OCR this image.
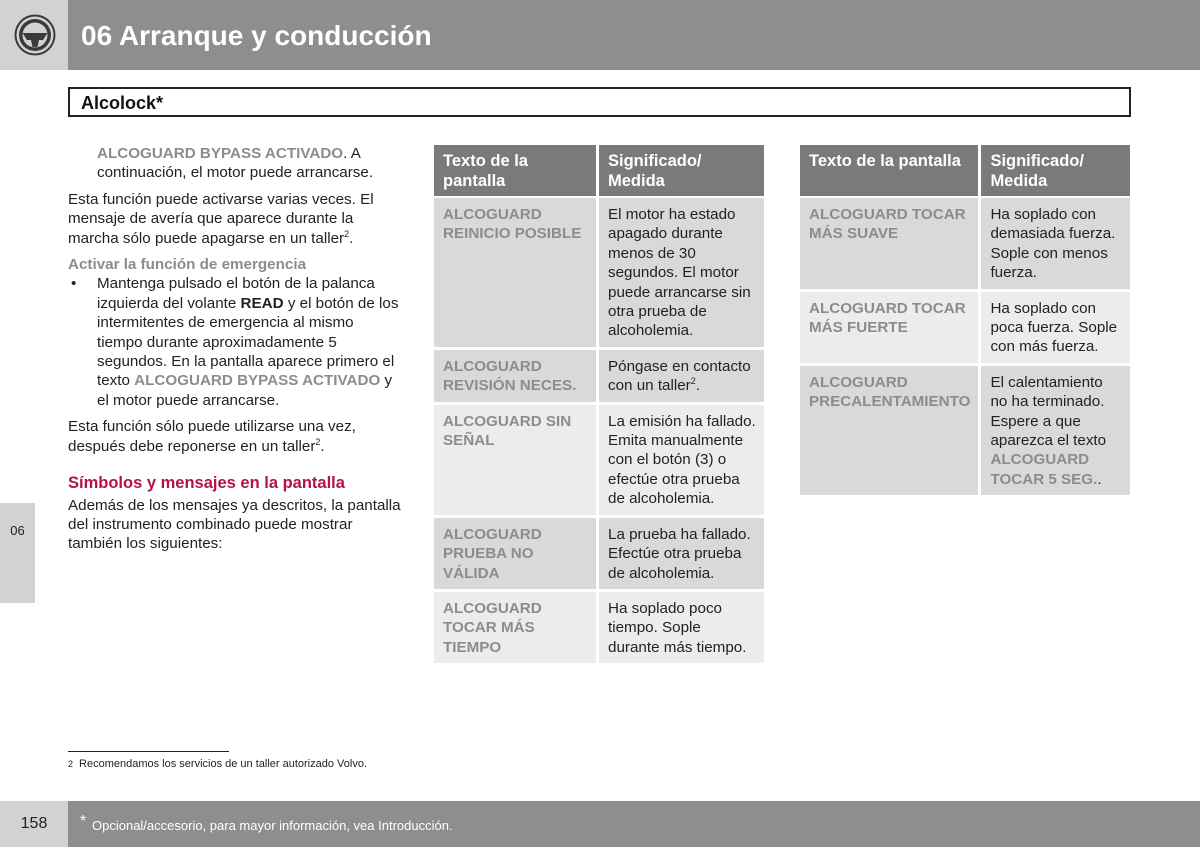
06 Arranque y conducción
Alcolock*
ALCOGUARD BYPASS ACTIVADO. A continuación, el motor puede arrancarse.
Esta función puede activarse varias veces. El mensaje de avería que aparece durante la marcha sólo puede apagarse en un taller$^2$.
Activar la función de emergencia
• Mantenga pulsado el botón de la palanca izquierda del volante READ y el botón de los intermitentes de emergencia al mismo tiempo durante aproximadamente 5 segundos. En la pantalla aparece primero el texto ALCOGUARD BYPASS ACTIVADO y el motor puede arrancarse.
Esta función sólo puede utilizarse una vez, después debe reponerse en un taller$^2$.
Símbolos y mensajes en la pantalla
Además de los mensajes ya descritos, la pantalla del instrumento combinado puede mostrar también los siguientes:
06
Texto de la pantalla	Significado/ Medida
ALCOGUARD REINICIO POSIBLE	El motor ha estado apagado durante menos de 30 segundos. El motor puede arrancarse sin otra prueba de alcoholemia.
ALCOGUARD REVISIÓN NECES.	Póngase en contacto con un taller$^2$.
ALCOGUARD SIN SEÑAL	La emisión ha fallado. Emita manualmente con el botón (3) o efectúe otra prueba de alcoholemia.
ALCOGUARD PRUEBA NO VÁLIDA	La prueba ha fallado. Efectúe otra prueba de alcoholemia.
ALCOGUARD TOCAR MÁS TIEMPO	Ha soplado poco tiempo. Sople durante más tiempo.
Texto de la pantalla	Significado/ Medida
ALCOGUARD TOCAR MÁS SUAVE	Ha soplado con demasiada fuerza. Sople con menos fuerza.
ALCOGUARD TOCAR MÁS FUERTE	Ha soplado con poca fuerza. Sople con más fuerza.
ALCOGUARD PRECALENTAMIENTO	El calentamiento no ha terminado. Espere a que aparezca el texto ALCOGUARD TOCAR 5 SEG..
2 Recomendamos los servicios de un taller autorizado Volvo.
158	* Opcional/accesorio, para mayor información, vea Introducción.
